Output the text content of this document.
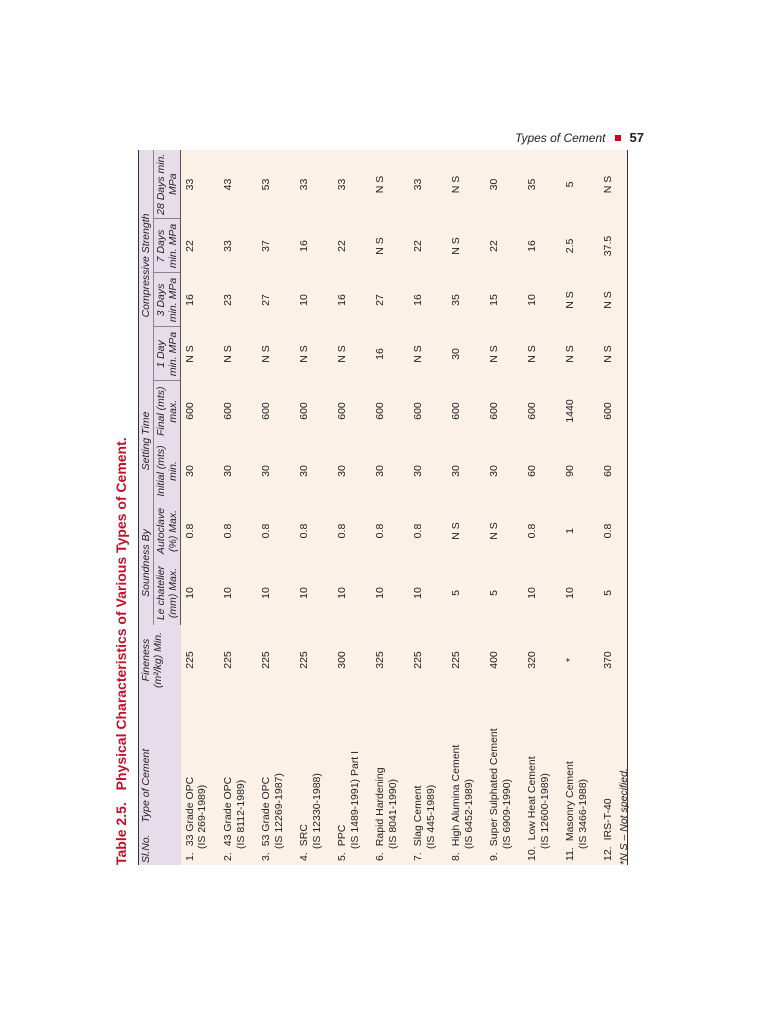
Types of Cement 57
Table 2.5. Physical Characteristics of Various Types of Cement.
Sl.No.    Type of Cement	Fineness (m²/kg) Min.	Soundness By		Setting Time		Compressive Strength			
		Le chatelier (mm) Max.	Autoclave (%) Max.	Initial (mts) min.	Final (mts) max.	1 Day min. MPa	3 Days min. MPa	7 Days min. MPa	28 Days min. MPa
1.33 Grade OPC (IS 269-1989)	225	10	0.8	30	600	N S	16	22	33
2.43 Grade OPC (IS 8112-1989)	225	10	0.8	30	600	N S	23	33	43
3.53 Grade OPC (IS 12269-1987)	225	10	0.8	30	600	N S	27	37	53
4.SRC (IS 12330-1988)	225	10	0.8	30	600	N S	10	16	33
5.PPC (IS 1489-1991) Part I	300	10	0.8	30	600	N S	16	22	33
6.Rapid Hardening (IS 8041-1990)	325	10	0.8	30	600	16	27	N S	N S
7.Slag Cement (IS 445-1989)	225	10	0.8	30	600	N S	16	22	33
8.High Alumina Cement (IS 6452-1989)	225	5	N S	30	600	30	35	N S	N S
9.Super Sulphated Cement (IS 6909-1990)	400	5	N S	30	600	N S	15	22	30
10.Low Heat Cement (IS 12600-1989)	320	10	0.8	60	600	N S	10	16	35
11.Masonry Cement (IS 3466-1988)	*	10	1	90	1440	N S	N S	2.5	5
12.IRS-T-40	370	5	0.8	60	600	N S	N S	37.5	N S
*N S – Not specified.
